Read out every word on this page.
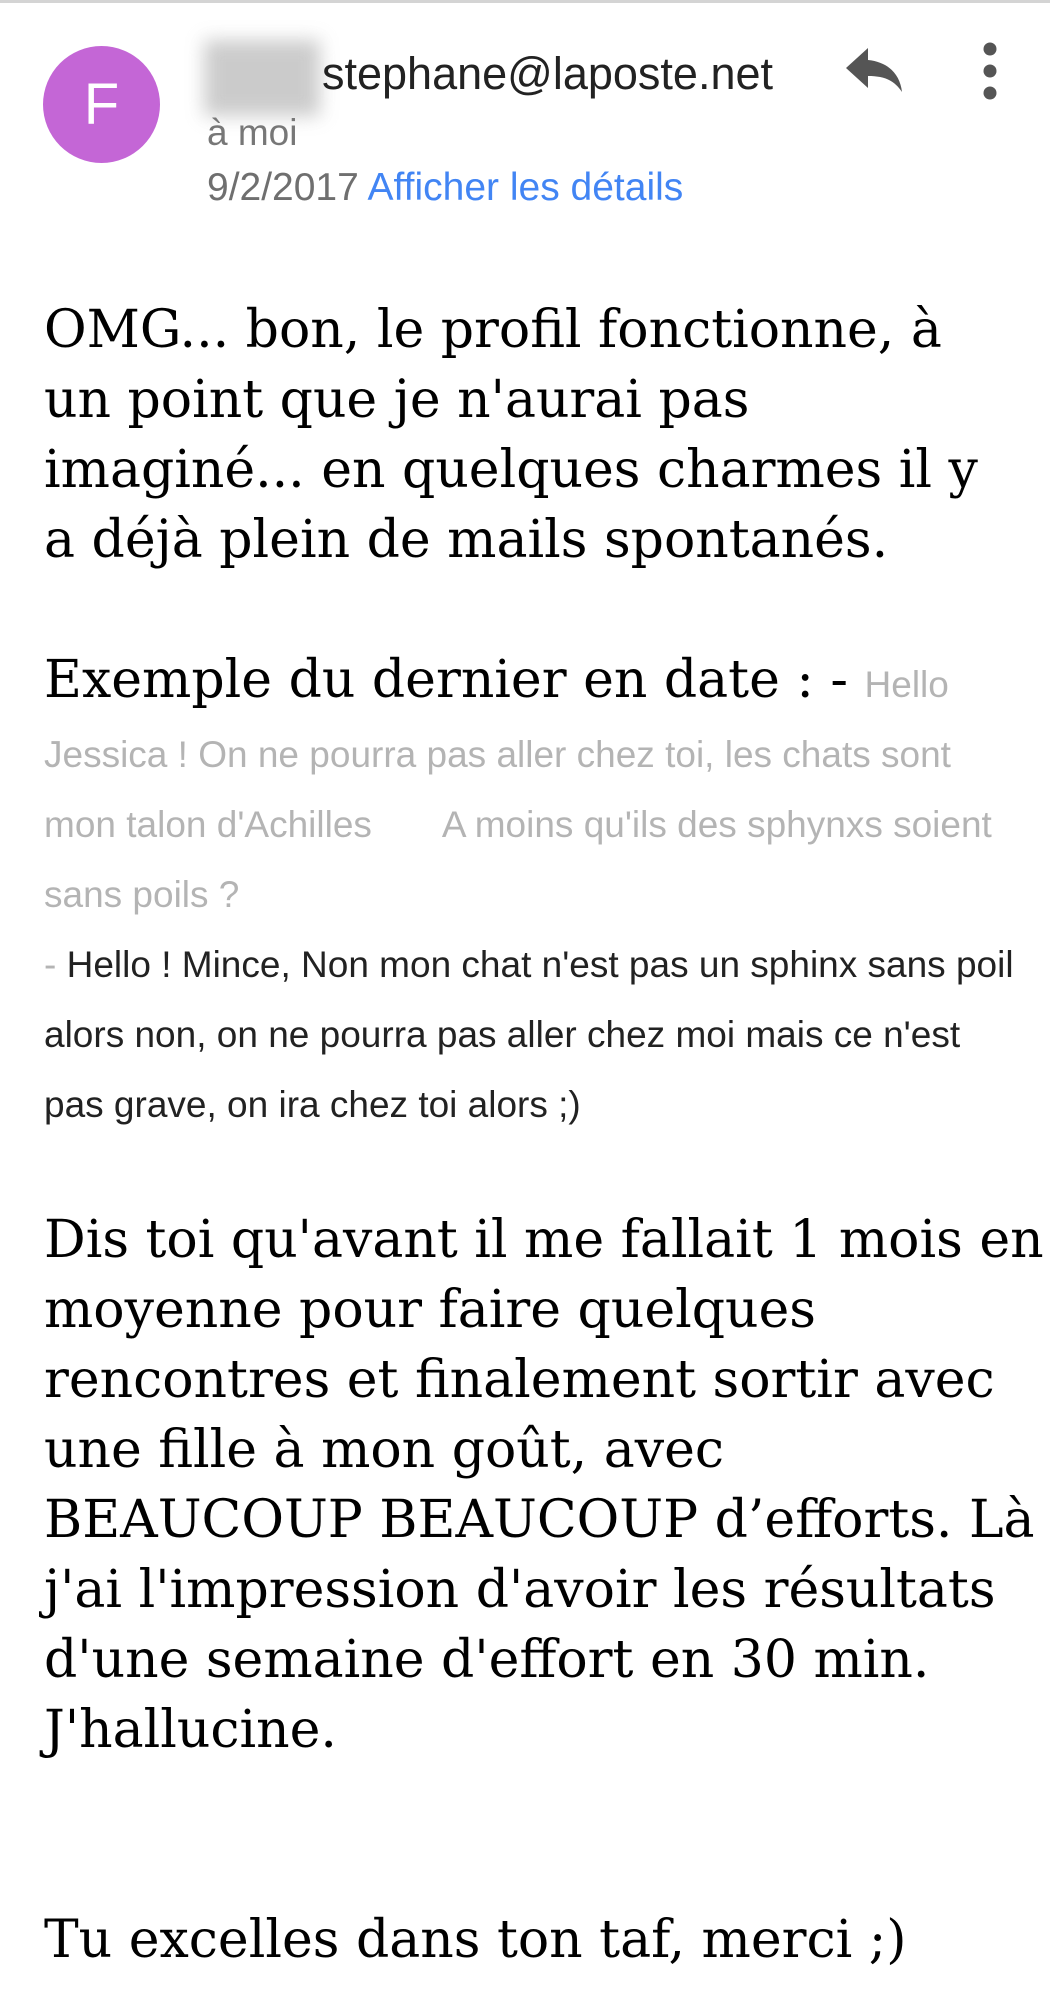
F	stephane@laposte.net
à moi
9/2/2017 Afficher les détails

OMG... bon, le profil fonctionne, à un point que je n'aurai pas imaginé... en quelques charmes il y a déjà plein de mails spontanés.

Exemple du dernier en date : - Hello

Jessica ! On ne pourra pas aller chez toi, les chats sont mon talon d'Achilles       A moins qu'ils des sphynxs soient sans poils ?

- Hello ! Mince, Non mon chat n'est pas un sphinx sans poil alors non, on ne pourra pas aller chez moi mais ce n'est pas grave, on ira chez toi alors ;)

Dis toi qu'avant il me fallait 1 mois en moyenne pour faire quelques rencontres et finalement sortir avec une fille à mon goût, avec BEAUCOUP BEAUCOUP d’efforts. Là j'ai l'impression d'avoir les résultats d'une semaine d'effort en 30 min. J'hallucine.

Tu excelles dans ton taf, merci ;)
